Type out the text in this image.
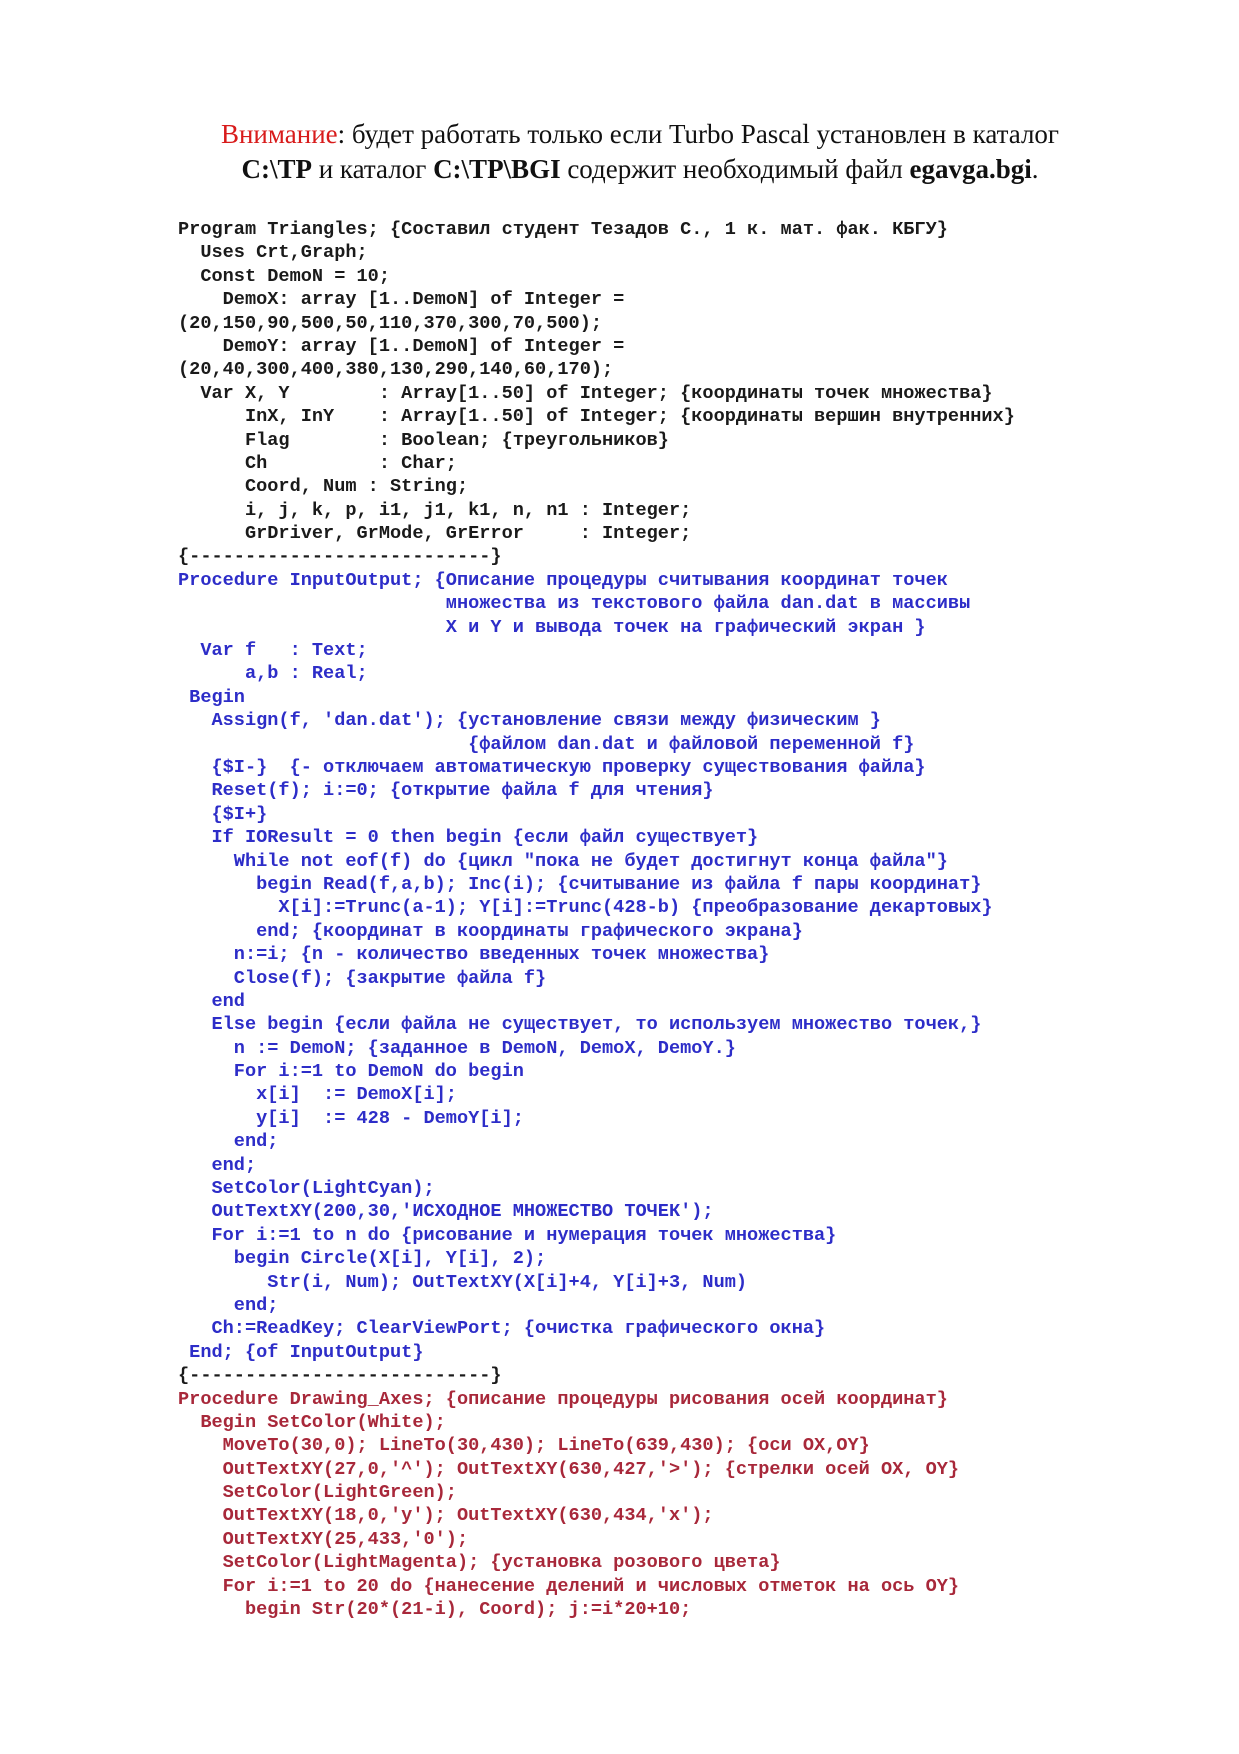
Внимание: будет работать только если Turbo Pascal установлен в каталог
C:\TP и каталог C:\TP\BGI содержит необходимый файл egavga.bgi.
Program Triangles; {Составил студент Тезадов С., 1 к. мат. фак. КБГУ}
Uses Crt,Graph;
Const DemoN = 10;
DemoX: array [1..DemoN] of Integer =
(20,150,90,500,50,110,370,300,70,500);
DemoY: array [1..DemoN] of Integer =
(20,40,300,400,380,130,290,140,60,170);
Var X, Y        : Array[1..50] of Integer; {координаты точек множества}
InX, InY    : Array[1..50] of Integer; {координаты вершин внутренних}
Flag        : Boolean; {треугольников}
Ch          : Char;
Coord, Num : String;
i, j, k, p, i1, j1, k1, n, n1 : Integer;
GrDriver, GrMode, GrError     : Integer;
{---------------------------}
Procedure InputOutput; {Описание процедуры считывания координат точек
множества из текстового файла dan.dat в массивы
X и Y и вывода точек на графический экран }
Var f   : Text;
a,b : Real;
Begin
Assign(f, 'dan.dat'); {установление связи между физическим }
{файлом dan.dat и файловой переменной f}
{$I-}  {- отключаем автоматическую проверку существования файла}
Reset(f); i:=0; {открытие файла f для чтения}
{$I+}
If IOResult = 0 then begin {если файл существует}
While not eof(f) do {цикл "пока не будет достигнут конца файла"}
begin Read(f,a,b); Inc(i); {считывание из файла f пары координат}
X[i]:=Trunc(a-1); Y[i]:=Trunc(428-b) {преобразование декартовых}
end; {координат в координаты графического экрана}
n:=i; {n - количество введенных точек множества}
Close(f); {закрытие файла f}
end
Else begin {если файла не существует, то используем множество точек,}
n := DemoN; {заданное в DemoN, DemoX, DemoY.}
For i:=1 to DemoN do begin
x[i]  := DemoX[i];
y[i]  := 428 - DemoY[i];
end;
end;
SetColor(LightCyan);
OutTextXY(200,30,'ИСХОДНОЕ МНОЖЕСТВО ТОЧЕК');
For i:=1 to n do {рисование и нумерация точек множества}
begin Circle(X[i], Y[i], 2);
Str(i, Num); OutTextXY(X[i]+4, Y[i]+3, Num)
end;
Ch:=ReadKey; ClearViewPort; {очистка графического окна}
End; {of InputOutput}
{---------------------------}
Procedure Drawing_Axes; {описание процедуры рисования осей координат}
Begin SetColor(White);
MoveTo(30,0); LineTo(30,430); LineTo(639,430); {оси OX,OY}
OutTextXY(27,0,'^'); OutTextXY(630,427,'>'); {стрелки осей OX, OY}
SetColor(LightGreen);
OutTextXY(18,0,'y'); OutTextXY(630,434,'x');
OutTextXY(25,433,'0');
SetColor(LightMagenta); {установка розового цвета}
For i:=1 to 20 do {нанесение делений и числовых отметок на ось OY}
begin Str(20*(21-i), Coord); j:=i*20+10;
